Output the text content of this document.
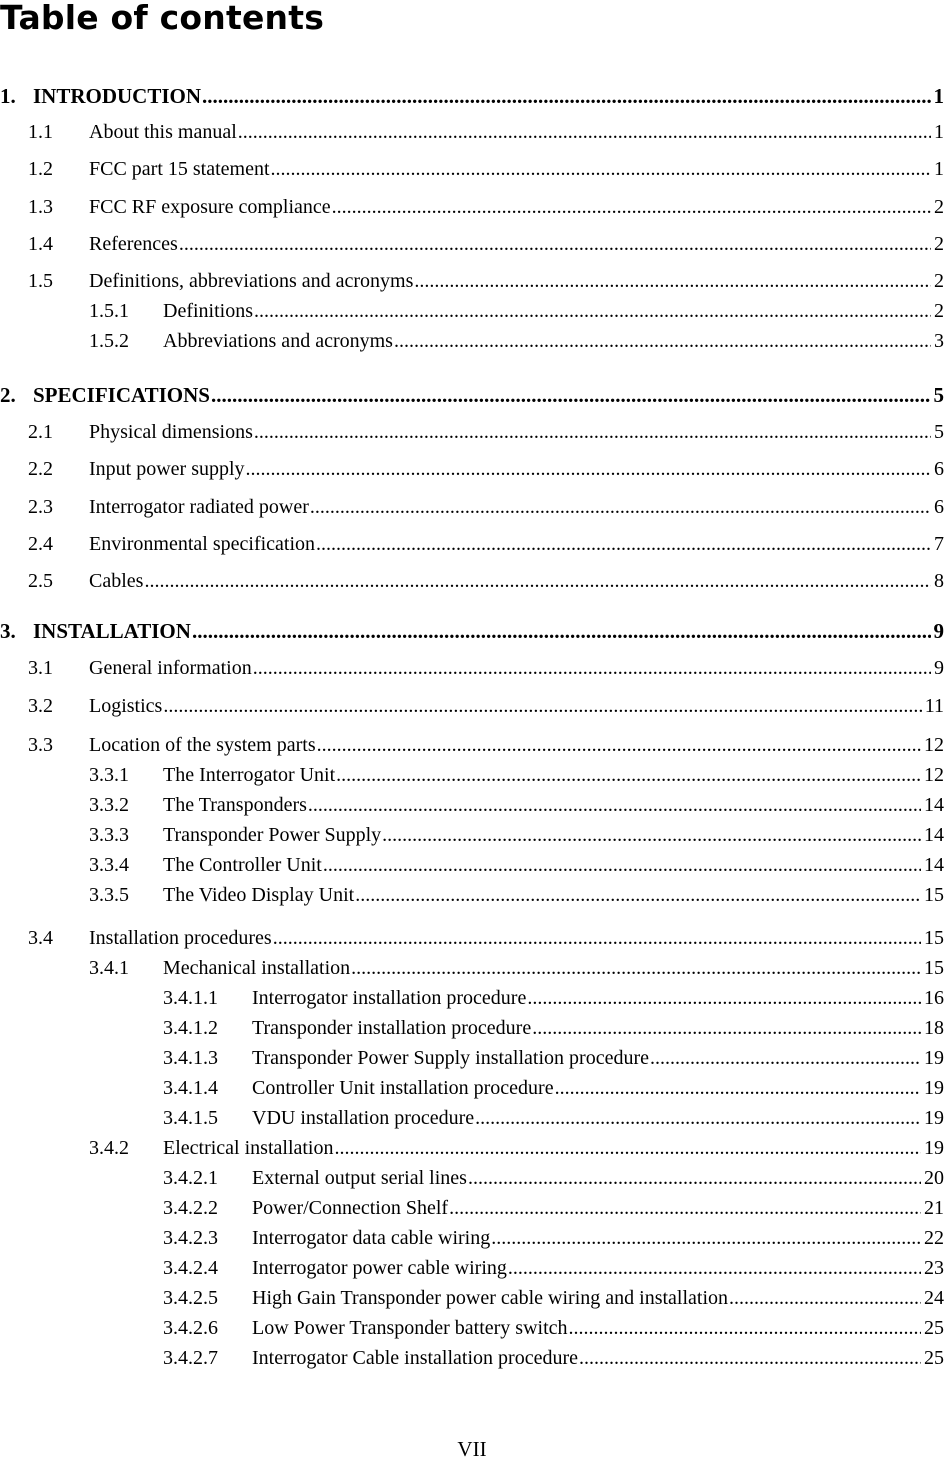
Table of contents
1. INTRODUCTION .....	1
1.1	About this manual .....	1
1.2	FCC part 15 statement .....	1
1.3	FCC RF exposure compliance .....	2
1.4	References .....	2
1.5	Definitions, abbreviations and acronyms .....	2
1.5.1	Definitions .....	2
1.5.2	Abbreviations and acronyms .....	3
2. SPECIFICATIONS .....	5
2.1	Physical dimensions .....	5
2.2	Input power supply .....	6
2.3	Interrogator radiated power .....	6
2.4	Environmental specification .....	7
2.5	Cables .....	8
3. INSTALLATION .....	9
3.1	General information .....	9
3.2	Logistics .....	11
3.3	Location of the system parts .....	12
3.3.1	The Interrogator Unit .....	12
3.3.2	The Transponders .....	14
3.3.3	Transponder Power Supply .....	14
3.3.4	The Controller Unit .....	14
3.3.5	The Video Display Unit .....	15
3.4	Installation procedures .....	15
3.4.1	Mechanical installation .....	15
3.4.1.1	Interrogator installation procedure .....	16
3.4.1.2	Transponder installation procedure .....	18
3.4.1.3	Transponder Power Supply installation procedure .....	19
3.4.1.4	Controller Unit installation procedure .....	19
3.4.1.5	VDU installation procedure .....	19
3.4.2	Electrical installation .....	19
3.4.2.1	External output serial lines .....	20
3.4.2.2	Power/Connection Shelf .....	21
3.4.2.3	Interrogator data cable wiring .....	22
3.4.2.4	Interrogator power cable wiring .....	23
3.4.2.5	High Gain Transponder power cable wiring and installation .....	24
3.4.2.6	Low Power Transponder battery switch .....	25
3.4.2.7	Interrogator Cable installation procedure .....	25
VII
